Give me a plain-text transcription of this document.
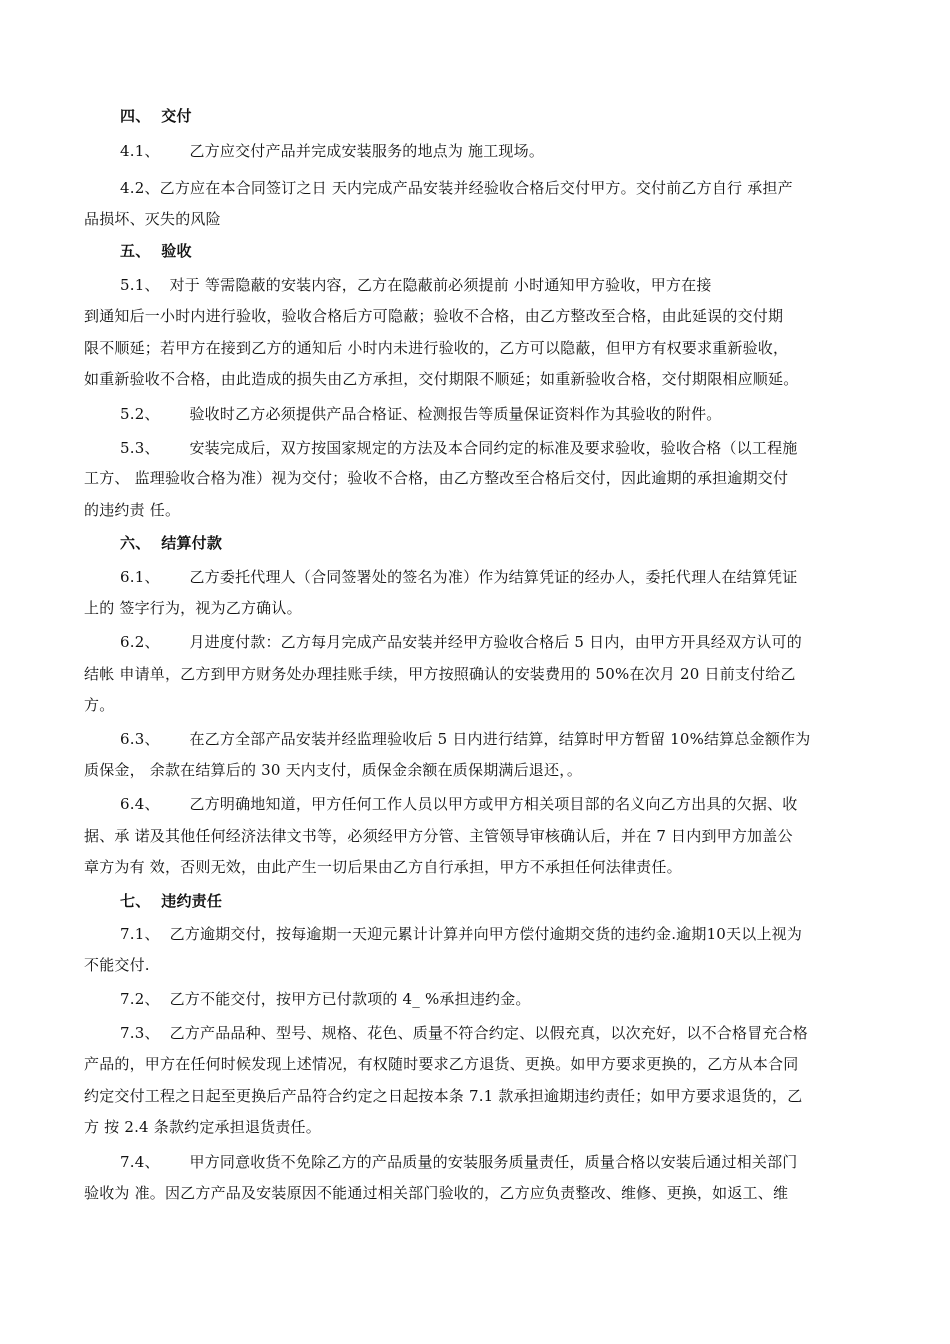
四、  交付
4.1、      乙方应交付产品并完成安装服务的地点为 施工现场。
4.2、乙方应在本合同签订之日 天内完成产品安装并经验收合格后交付甲方。交付前乙方自行 承担产
品损坏、灭失的风险
五、  验收
5.1、  对于 等需隐蔽的安装内容，乙方在隐蔽前必须提前 小时通知甲方验收，甲方在接
到通知后一小时内进行验收，验收合格后方可隐蔽；验收不合格，由乙方整改至合格，由此延误的交付期
限不顺延；若甲方在接到乙方的通知后 小时内未进行验收的，乙方可以隐蔽，但甲方有权要求重新验收，
如重新验收不合格，由此造成的损失由乙方承担，交付期限不顺延；如重新验收合格，交付期限相应顺延。
5.2、      验收时乙方必须提供产品合格证、检测报告等质量保证资料作为其验收的附件。
5.3、      安装完成后，双方按国家规定的方法及本合同约定的标准及要求验收，验收合格（以工程施
工方、 监理验收合格为准）视为交付；验收不合格，由乙方整改至合格后交付，因此逾期的承担逾期交付
的违约责 任。
六、  结算付款
6.1、      乙方委托代理人（合同签署处的签名为准）作为结算凭证的经办人，委托代理人在结算凭证
上的 签字行为，视为乙方确认。
6.2、      月进度付款：乙方每月完成产品安装并经甲方验收合格后 5 日内，由甲方开具经双方认可的
结帐 申请单，乙方到甲方财务处办理挂账手续，甲方按照确认的安装费用的 50%在次月 20 日前支付给乙
方。
6.3、      在乙方全部产品安装并经监理验收后 5 日内进行结算，结算时甲方暂留 10%结算总金额作为
质保金， 余款在结算后的 30 天内支付，质保金余额在质保期满后退还，。
6.4、      乙方明确地知道，甲方任何工作人员以甲方或甲方相关项目部的名义向乙方出具的欠据、收
据、承 诺及其他任何经济法律文书等，必须经甲方分管、主管领导审核确认后，并在 7 日内到甲方加盖公
章方为有 效，否则无效，由此产生一切后果由乙方自行承担，甲方不承担任何法律责任。
七、  违约责任
7.1、  乙方逾期交付，按每逾期一天迎元累计计算并向甲方偿付逾期交货的违约金.逾期10天以上视为
不能交付.
7.2、  乙方不能交付，按甲方已付款项的 4_ %承担违约金。
7.3、  乙方产品品种、型号、规格、花色、质量不符合约定、以假充真，以次充好，以不合格冒充合格
产品的，甲方在任何时候发现上述情况，有权随时要求乙方退货、更换。如甲方要求更换的，乙方从本合同
约定交付工程之日起至更换后产品符合约定之日起按本条 7.1 款承担逾期违约责任；如甲方要求退货的，乙
方 按 2.4 条款约定承担退货责任。
7.4、      甲方同意收货不免除乙方的产品质量的安装服务质量责任，质量合格以安装后通过相关部门
验收为 准。因乙方产品及安装原因不能通过相关部门验收的，乙方应负责整改、维修、更换，如返工、维
